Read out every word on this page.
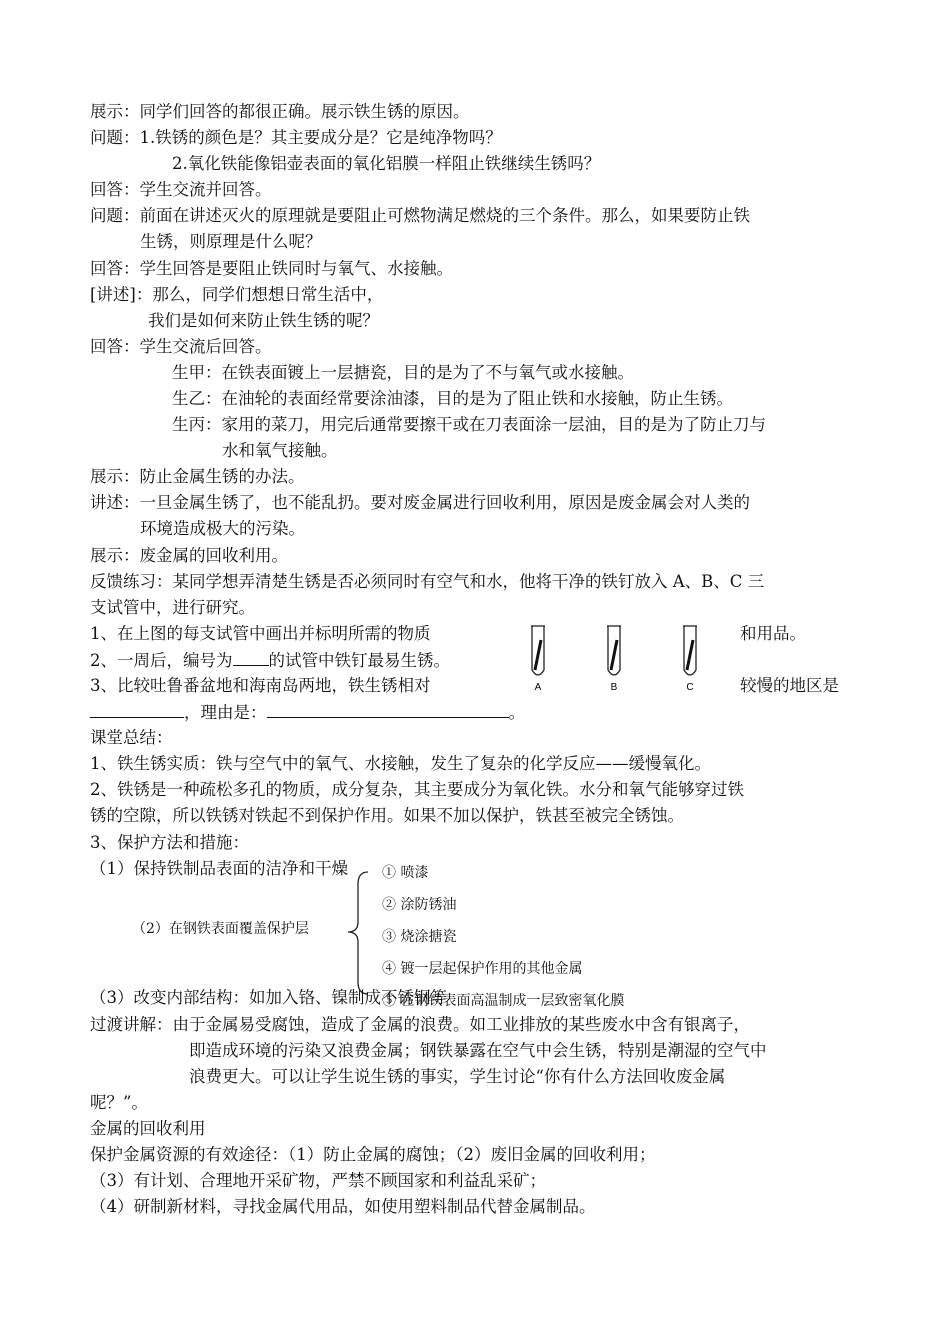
展示：同学们回答的都很正确。展示铁生锈的原因。
问题：1.铁锈的颜色是？其主要成分是？它是纯净物吗？
2.氧化铁能像铝壶表面的氧化铝膜一样阻止铁继续生锈吗？
回答：学生交流并回答。
问题：前面在讲述灭火的原理就是要阻止可燃物满足燃烧的三个条件。那么，如果要防止铁
生锈，则原理是什么呢？
回答：学生回答是要阻止铁同时与氧气、水接触。
[讲述]：那么，同学们想想日常生活中，
我们是如何来防止铁生锈的呢？
回答：学生交流后回答。
生甲：在铁表面镀上一层搪瓷，目的是为了不与氧气或水接触。
生乙：在油轮的表面经常要涂油漆，目的是为了阻止铁和水接触，防止生锈。
生丙：家用的菜刀，用完后通常要擦干或在刀表面涂一层油，目的是为了防止刀与
水和氧气接触。
展示：防止金属生锈的办法。
讲述：一旦金属生锈了，也不能乱扔。要对废金属进行回收利用，原因是废金属会对人类的
环境造成极大的污染。
展示：废金属的回收利用。
反馈练习：某同学想弄清楚生锈是否必须同时有空气和水，他将干净的铁钉放入 A、B、C 三
支试管中，进行研究。
1、在上图的每支试管中画出并标明所需的物质	和用品。
2、一周后，编号为 的试管中铁钉最易生锈。
3、比较吐鲁番盆地和海南岛两地，铁生锈相对	较慢的地区是
，理由是：	。
A	B	C
课堂总结：
1、铁生锈实质：铁与空气中的氧气、水接触，发生了复杂的化学反应——缓慢氧化。
2、铁锈是一种疏松多孔的物质，成分复杂，其主要成分为氧化铁。水分和氧气能够穿过铁
锈的空隙，所以铁锈对铁起不到保护作用。如果不加以保护，铁甚至被完全锈蚀。
3、保护方法和措施：
（1）保持铁制品表面的洁净和干燥 ① 喷漆
② 涂防锈油
（2）在钢铁表面覆盖保护层	③ 烧涂搪瓷
④ 镀一层起保护作用的其他金属
（3）改变内部结构：如加入铬、镍制成不锈钢等
⑤ 在钢铁表面高温制成一层致密氧化膜
过渡讲解：由于金属易受腐蚀，造成了金属的浪费。如工业排放的某些废水中含有银离子，
即造成环境的污染又浪费金属；钢铁暴露在空气中会生锈，特别是潮湿的空气中
浪费更大。可以让学生说生锈的事实，学生讨论“你有什么方法回收废金属
呢？”。
金属的回收利用
保护金属资源的有效途径：（1）防止金属的腐蚀；（2）废旧金属的回收利用；
（3）有计划、合理地开采矿物，严禁不顾国家和利益乱采矿；
（4）研制新材料，寻找金属代用品，如使用塑料制品代替金属制品。
